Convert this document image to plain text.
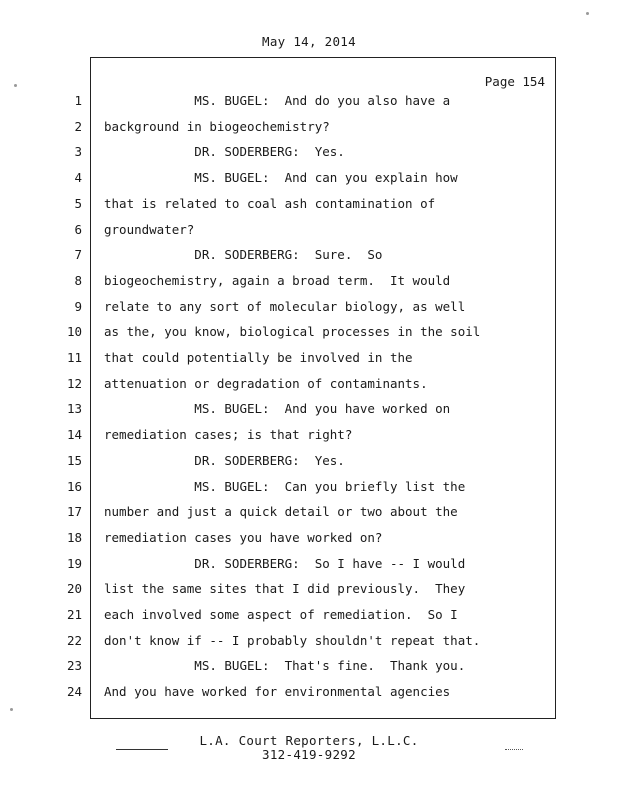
May 14, 2014
Page 154
1 MS. BUGEL:  And do you also have a
2 background in biogeochemistry?
3 DR. SODERBERG:  Yes.
4 MS. BUGEL:  And can you explain how
5 that is related to coal ash contamination of
6 groundwater?
7 DR. SODERBERG:  Sure.  So
8 biogeochemistry, again a broad term.  It would
9 relate to any sort of molecular biology, as well
10 as the, you know, biological processes in the soil
11 that could potentially be involved in the
12 attenuation or degradation of contaminants.
13 MS. BUGEL:  And you have worked on
14 remediation cases; is that right?
15 DR. SODERBERG:  Yes.
16 MS. BUGEL:  Can you briefly list the
17 number and just a quick detail or two about the
18 remediation cases you have worked on?
19 DR. SODERBERG:  So I have -- I would
20 list the same sites that I did previously.  They
21 each involved some aspect of remediation.  So I
22 don't know if -- I probably shouldn't repeat that.
23 MS. BUGEL:  That's fine.  Thank you.
24 And you have worked for environmental agencies
L.A. Court Reporters, L.L.C.
312-419-9292
